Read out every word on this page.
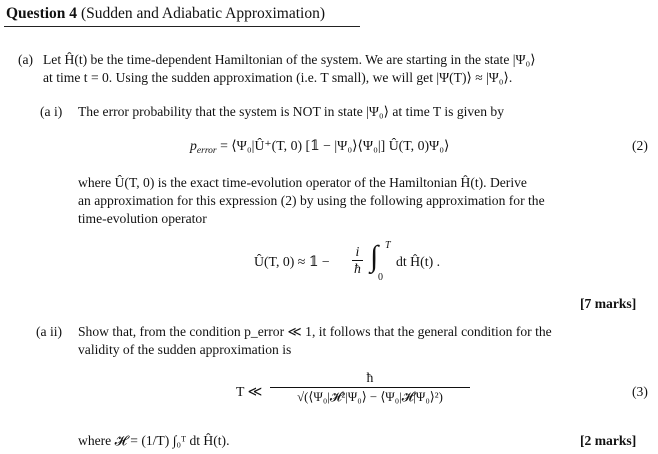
Question 4 (Sudden and Adiabatic Approximation)
(a) Let Ĥ(t) be the time-dependent Hamiltonian of the system. We are starting in the state |Ψ₀⟩
at time t = 0. Using the sudden approximation (i.e. T small), we will get |Ψ(T)⟩ ≈ |Ψ₀⟩.
(a i) The error probability that the system is NOT in state |Ψ₀⟩ at time T is given by
$p_{error}$ = ⟨Ψ₀|Û⁺(T, 0) [𝟙 − |Ψ₀⟩⟨Ψ₀|] Û(T, 0)Ψ₀⟩	(2)
where Û(T, 0) is the exact time-evolution operator of the Hamiltonian Ĥ(t). Derive
an approximation for this expression (2) by using the following approximation for the
time-evolution operator
Û(T, 0) ≈ 𝟙 − $\frac{i}{ħ}$ ∫ T
0
dt Ĥ(t) .
[7 marks]
(a ii) Show that, from the condition p_error ≪ 1, it follows that the general condition for the
validity of the sudden approximation is
T ≪
ħ
√(⟨Ψ₀|𝓗²|Ψ₀⟩ − ⟨Ψ₀|𝓗|Ψ₀⟩²)	(3)
where 𝓗 = (1/T) ∫₀ᵀ dt Ĥ(t).	[2 marks]
